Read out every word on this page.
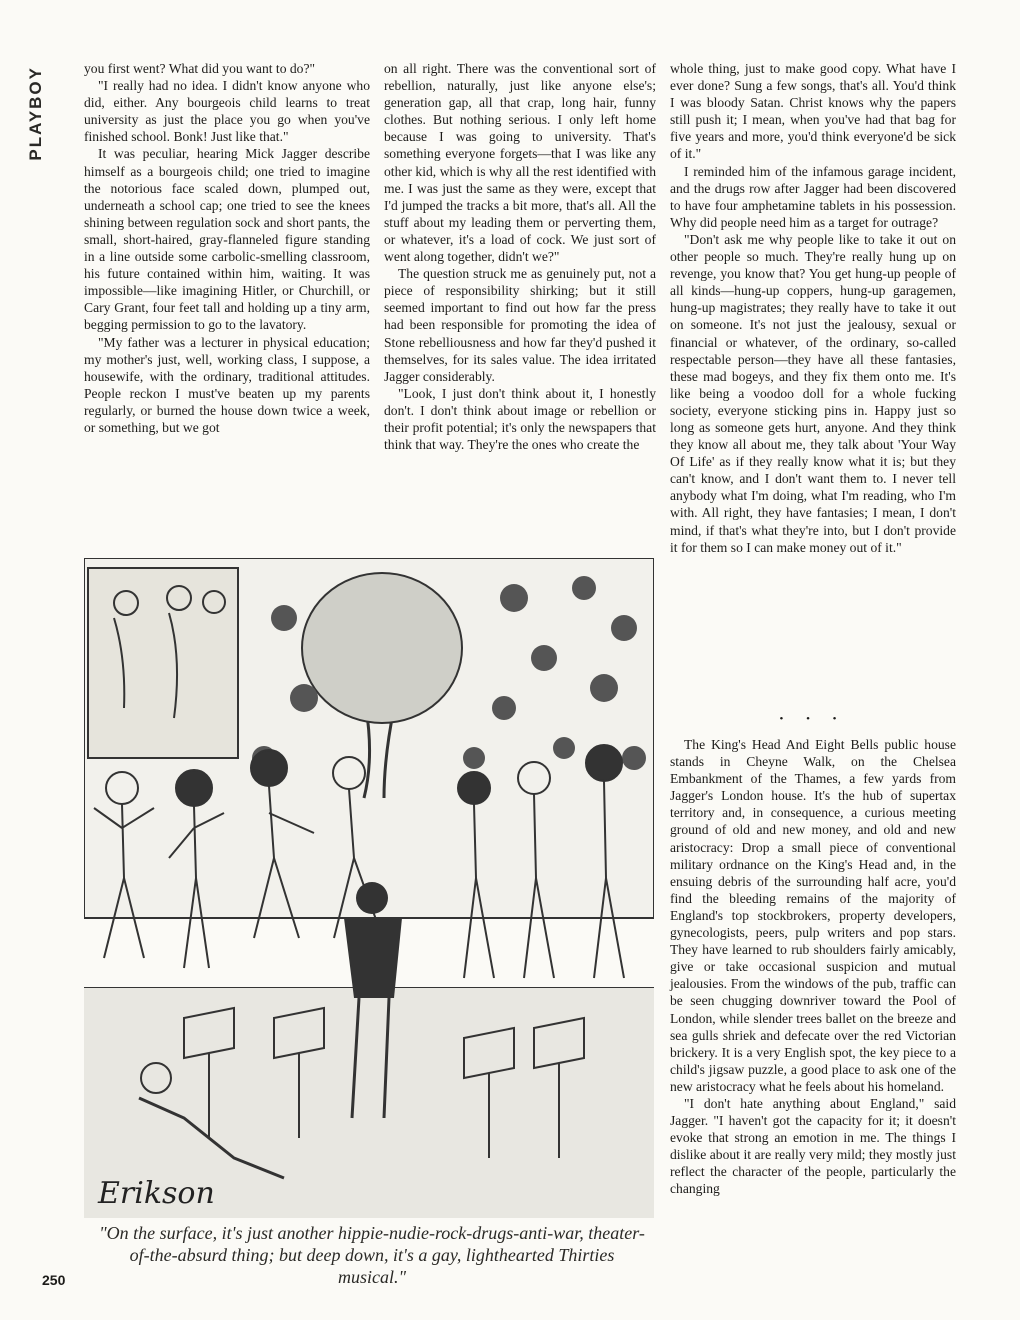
PLAYBOY	you first went? What did you want to do?"

"I really had no idea. I didn't know anyone who did, either. Any bourgeois child learns to treat university as just the place you go when you've finished school. Bonk! Just like that."

It was peculiar, hearing Mick Jagger describe himself as a bourgeois child; one tried to imagine the notorious face scaled down, plumped out, underneath a school cap; one tried to see the knees shining between regulation sock and short pants, the small, short-haired, gray-flanneled figure standing in a line outside some carbolic-smelling classroom, his future contained within him, waiting. It was impossible—like imagining Hitler, or Churchill, or Cary Grant, four feet tall and holding up a tiny arm, begging permission to go to the lavatory.

"My father was a lecturer in physical education; my mother's just, well, working class, I suppose, a housewife, with the ordinary, traditional attitudes. People reckon I must've beaten up my parents regularly, or burned the house down twice a week, or something, but we got

on all right. There was the conventional sort of rebellion, naturally, just like anyone else's; generation gap, all that crap, long hair, funny clothes. But nothing serious. I only left home because I was going to university. That's something everyone forgets—that I was like any other kid, which is why all the rest identified with me. I was just the same as they were, except that I'd jumped the tracks a bit more, that's all. All the stuff about my leading them or perverting them, or whatever, it's a load of cock. We just sort of went along together, didn't we?"

The question struck me as genuinely put, not a piece of responsibility shirking; but it still seemed important to find out how far the press had been responsible for promoting the idea of Stone rebelliousness and how far they'd pushed it themselves, for its sales value. The idea irritated Jagger considerably.

"Look, I just don't think about it, I honestly don't. I don't think about image or rebellion or their profit potential; it's only the newspapers that think that way. They're the ones who create the

whole thing, just to make good copy. What have I ever done? Sung a few songs, that's all. You'd think I was bloody Satan. Christ knows why the papers still push it; I mean, when you've had that bag for five years and more, you'd think everyone'd be sick of it."

I reminded him of the infamous garage incident, and the drugs row after Jagger had been discovered to have four amphetamine tablets in his possession. Why did people need him as a target for outrage?

"Don't ask me why people like to take it out on other people so much. They're really hung up on revenge, you know that? You get hung-up people of all kinds—hung-up coppers, hung-up garagemen, hung-up magistrates; they really have to take it out on someone. It's not just the jealousy, sexual or financial or whatever, of the ordinary, so-called respectable person—they have all these fantasies, these mad bogeys, and they fix them onto me. It's like being a voodoo doll for a whole fucking society, everyone sticking pins in. Happy just so long as someone gets hurt, anyone. And they think they know all about me, they talk about 'Your Way Of Life' as if they really know what it is; but they can't know, and I don't want them to. I never tell anybody what I'm doing, what I'm reading, who I'm with. All right, they have fantasies; I mean, I don't mind, if that's what they're into, but I don't provide it for them so I can make money out of it."

• • •

The King's Head And Eight Bells public house stands in Cheyne Walk, on the Chelsea Embankment of the Thames, a few yards from Jagger's London house. It's the hub of supertax territory and, in consequence, a curious meeting ground of old and new money, and old and new aristocracy: Drop a small piece of conventional military ordnance on the King's Head and, in the ensuing debris of the surrounding half acre, you'd find the bleeding remains of the majority of England's top stockbrokers, property developers, gynecologists, peers, pulp writers and pop stars. They have learned to rub shoulders fairly amicably, give or take occasional suspicion and mutual jealousies. From the windows of the pub, traffic can be seen chugging downriver toward the Pool of London, while slender trees ballet on the breeze and sea gulls shriek and defecate over the red Victorian brickery. It is a very English spot, the key piece to a child's jigsaw puzzle, a good place to ask one of the new aristocracy what he feels about his homeland.

"I don't hate anything about England," said Jagger. "I haven't got the capacity for it; it doesn't evoke that strong an emotion in me. The things I dislike about it are really very mild; they mostly just reflect the character of the people, particularly the changing

Erikson
"On the surface, it's just another hippie-nudie-rock-drugs-anti-war, theater-of-the-absurd thing; but deep down, it's a gay, lighthearted Thirties musical."
250
